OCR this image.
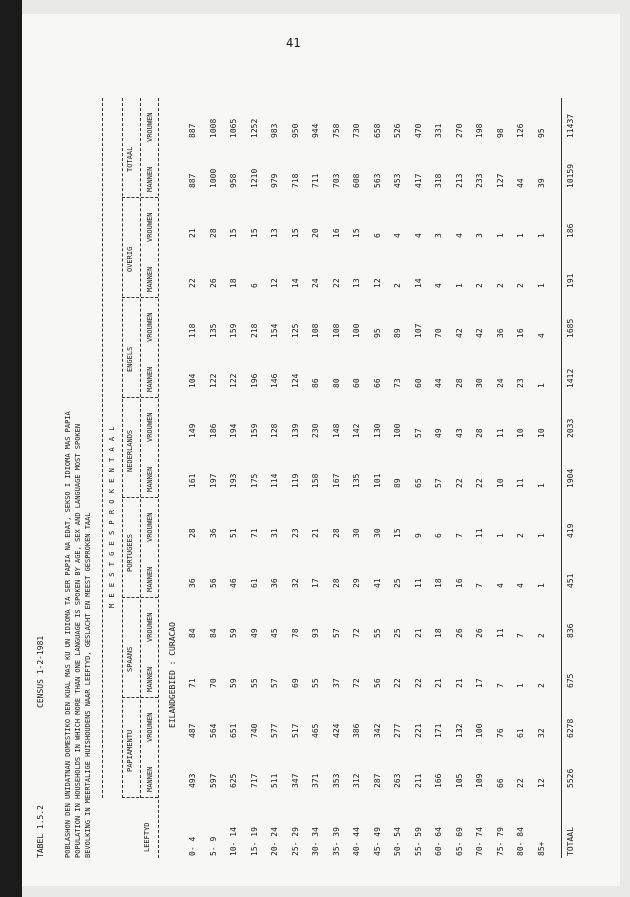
41
TABEL 1.5.2
CENSUS 1-2-1981	POBLASHON DEN UNIDATNAN DOMESTIKO DEN KUAL MAS KU UN IDIOMA TA SER PAPIA NA EDAT, SEKSO I IDIOMA MAS PAPIA POPULATION IN HOUSEHOLDS IN WHICH MORE THAN ONE LANGUAGE IS SPOKEN BY AGE, SEX AND LANGUAGE MOST SPOKEN BEVOLKING IN MEERTALIGE HUISHOUDENS NAAR LEEFTYD, GESLACHT EN MEEST GESPROKEN TAAL M E E S T G E S P R O K E N T A A L
LEEFTYD
PAPIAMENTU
MANNEN
VROUWEN
SPAANS
MANNEN
VROUWEN
PORTUGEES
MANNEN
VROUWEN
NEDERLANDS
MANNEN
VROUWEN
ENGELS
MANNEN
VROUWEN
OVERIG
MANNEN
VROUWEN
TOTAAL
MANNEN
VROUWEN
EILANDGEBIED : CURACAO
0- 4
493
487
71
84
36
28
161
149
104
118
22
21
887
887
5- 9
597
564
70
84
56
36
197
186
122
135
26
28
1000
1008
10- 14
625
651
59
59
46
51
193
194
122
159
18
15
958
1065
15- 19
717
740
55
49
61
71
175
159
196
218
6
15
1210
1252
20- 24
511
577
57
45
36
31
114
128
146
154
12
13
979
983
25- 29
347
517
69
78
32
23
119
139
124
125
14
15
718
950
30- 34
371
465
55
93
17
21
158
230
86
108
24
20
711
944
35- 39
353
424
37
57
28
28
167
148
80
108
22
16
703
758
40- 44
312
386
72
72
29
30
135
142
60
100
13
15
608
730
45- 49
287
342
56
55
41
30
101
130
66
95
12
6
563
658
50- 54
263
277
22
25
25
15
89
100
73
89
2
4
453
526
55- 59
211
221
22
21
11
9
65
57
60
107
14
4
417
470
60- 64
166
171
21
18
18
6
57
49
44
70
4
3
318
331
65- 69
105
132
21
26
16
7
22
43
28
42
1
4
213
270
70- 74
109
100
17
26
7
11
22
28
30
42
2
3
233
198
75- 79
66
76
7
11
4
1
10
11
24
36
2
1
127
98
80- 84
22
61
1
7
4
2
11
10
23
16
2
1
44
126
85+
12
32
2
2
1
1
1
10
1
4
1
1
39
95
TOTAAL
5526
6278
675
836
451
419
1904
2033
1412
1685
191
186
10159
11437
